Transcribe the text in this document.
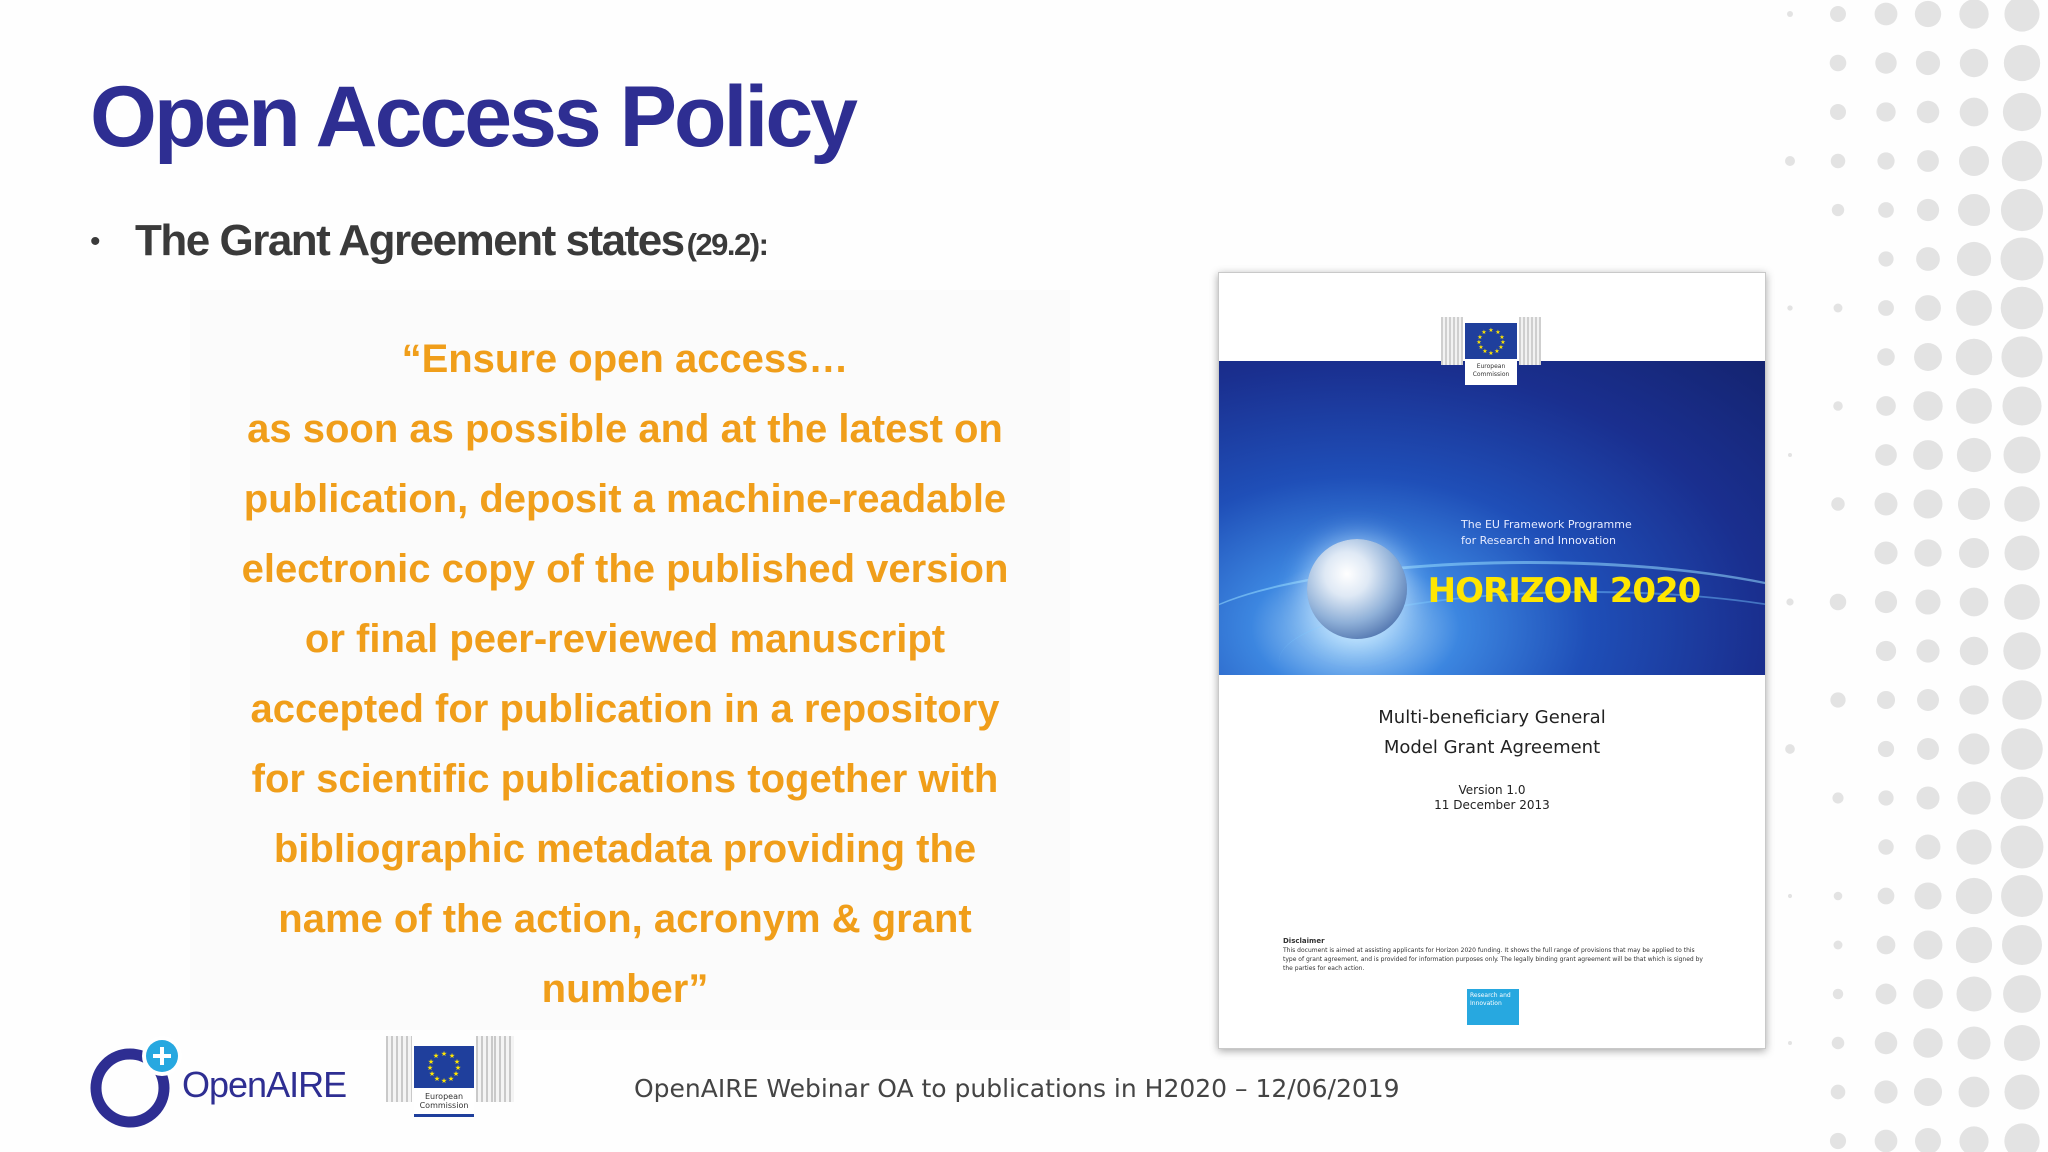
Open Access Policy
• The Grant Agreement states (29.2):
“Ensure open access…
as soon as possible and at the latest on
publication, deposit a machine-readable
electronic copy of the published version
or final peer-reviewed manuscript
accepted for publication in a repository
for scientific publications together with
bibliographic metadata providing the
name of the action, acronym & grant
number”
The EU Framework Programme
for Research and Innovation
HORIZON 2020
★ ★
★
★
★
★
★
★
★
★
★
★
European
Commission
Multi-beneficiary General
Model Grant Agreement
Version 1.0
11 December 2013
Disclaimer
This document is aimed at assisting applicants for Horizon 2020 funding. It shows the full range of provisions that may be applied to this type of grant agreement, and is provided for information purposes only. The legally binding grant agreement will be that which is signed by the parties for each action.
Research and
Innovation
OpenAIRE
★ ★
★
★
★
★
★
★
★
★
★
★
European
Commission
OpenAIRE Webinar OA to publications in H2020 – 12/06/2019
